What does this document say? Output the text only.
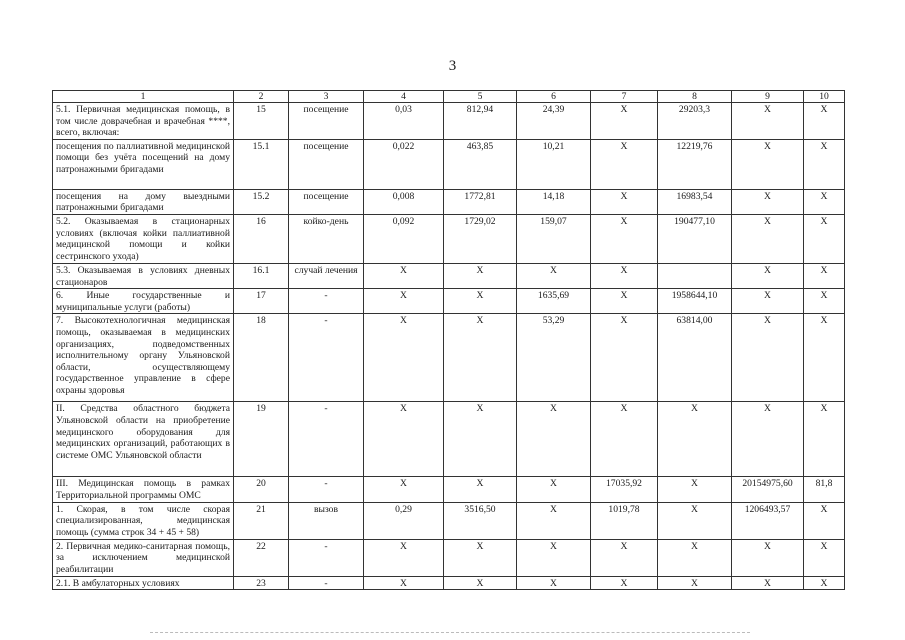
3
1	2	3	4	5	6	7	8	9	10
5.1. Первичная медицинская помощь, в том числе доврачебная и врачебная ****, всего, включая:	15	посещение	0,03	812,94	24,39	X	29203,3	X	X
посещения по паллиативной медицинской помощи без учёта посещений на дому патронажными бригадами	15.1	посещение	0,022	463,85	10,21	X	12219,76	X	X
посещения на дому выездными патронажными бригадами	15.2	посещение	0,008	1772,81	14,18	X	16983,54	X	X
5.2. Оказываемая в стационарных условиях (включая койки паллиативной медицинской помощи и койки сестринского ухода)	16	койко-день	0,092	1729,02	159,07	X	190477,10	X	X
5.3. Оказываемая в условиях дневных стационаров	16.1	случай лечения	X	X	X	X		X	X
6. Иные государственные и муниципальные услуги (работы)	17	-	X	X	1635,69	X	1958644,10	X	X
7. Высокотехнологичная медицинская помощь, оказываемая в медицинских организациях, подведомственных исполнительному органу Ульяновской области, осуществляющему государственное управление в сфере охраны здоровья	18	-	X	X	53,29	X	63814,00	X	X
II. Средства областного бюджета Ульяновской области на приобретение медицинского оборудования для медицинских организаций, работающих в системе ОМС Ульяновской области	19	-	X	X	X	X	X	X	X
III. Медицинская помощь в рамках Территориальной программы ОМС	20	-	X	X	X	17035,92	X	20154975,60	81,8
1. Скорая, в том числе скорая специализированная, медицинская помощь (сумма строк 34 + 45 + 58)	21	вызов	0,29	3516,50	X	1019,78	X	1206493,57	X
2. Первичная медико-санитарная помощь, за исключением медицинской реабилитации	22	-	X	X	X	X	X	X	X
2.1. В амбулаторных условиях	23	-	X	X	X	X	X	X	X
